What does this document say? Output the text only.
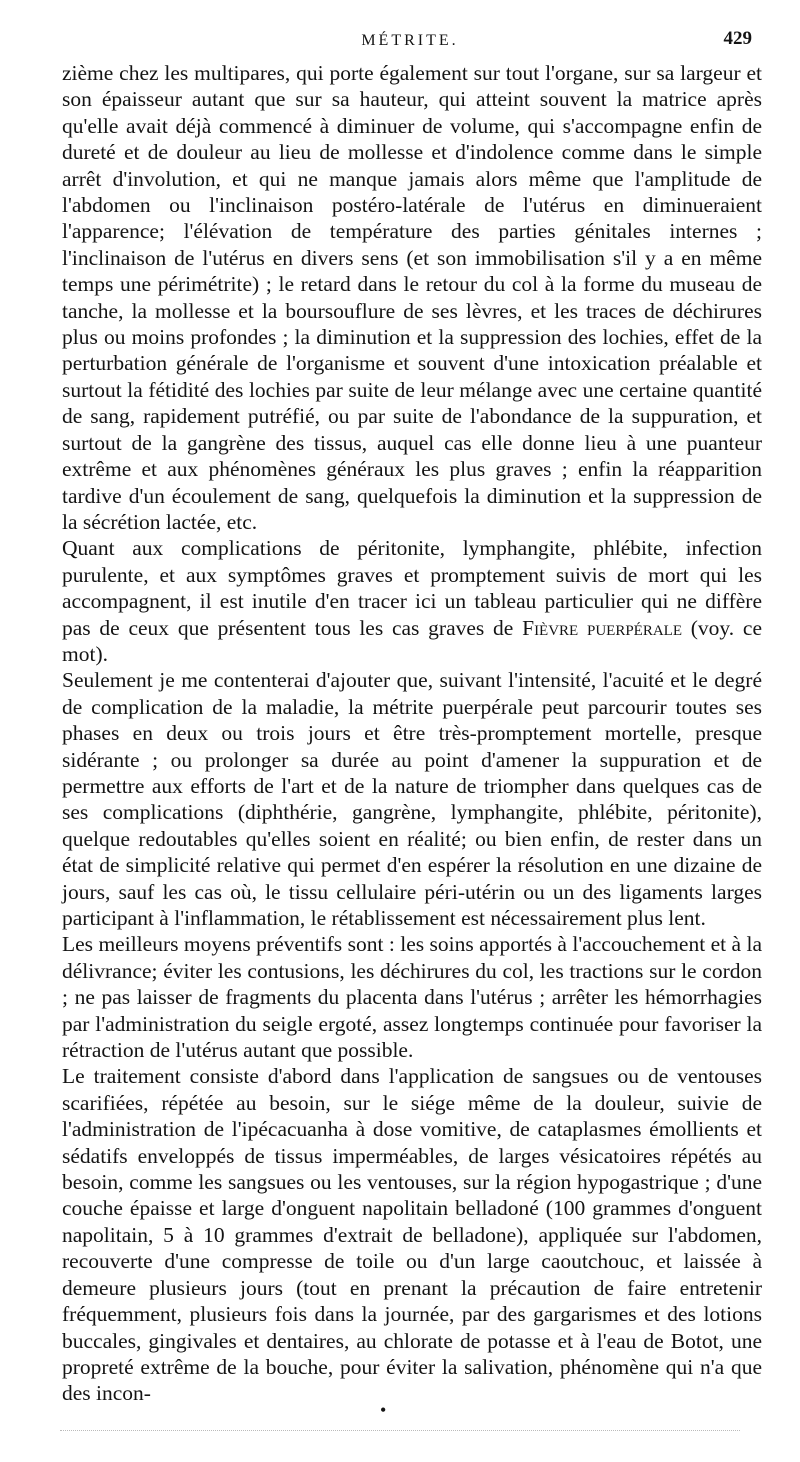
MÉTRITE.	429

zième chez les multipares, qui porte également sur tout l'organe, sur sa largeur et son épaisseur autant que sur sa hauteur, qui atteint souvent la matrice après qu'elle avait déjà commencé à diminuer de volume, qui s'accompagne enfin de dureté et de douleur au lieu de mollesse et d'indolence comme dans le simple arrêt d'involution, et qui ne manque jamais alors même que l'amplitude de l'abdomen ou l'inclinaison postéro-latérale de l'utérus en diminueraient l'apparence; l'élévation de température des parties génitales internes ; l'inclinaison de l'utérus en divers sens (et son immobilisation s'il y a en même temps une périmétrite) ; le retard dans le retour du col à la forme du museau de tanche, la mollesse et la boursouflure de ses lèvres, et les traces de déchirures plus ou moins profondes ; la diminution et la suppression des lochies, effet de la perturbation générale de l'organisme et souvent d'une intoxication préalable et surtout la fétidité des lochies par suite de leur mélange avec une certaine quantité de sang, rapidement putréfié, ou par suite de l'abondance de la suppuration, et surtout de la gangrène des tissus, auquel cas elle donne lieu à une puanteur extrême et aux phénomènes généraux les plus graves ; enfin la réapparition tardive d'un écoulement de sang, quelquefois la diminution et la suppression de la sécrétion lactée, etc.

Quant aux complications de péritonite, lymphangite, phlébite, infection purulente, et aux symptômes graves et promptement suivis de mort qui les accompagnent, il est inutile d'en tracer ici un tableau particulier qui ne diffère pas de ceux que présentent tous les cas graves de Fièvre puerpérale (voy. ce mot).

Seulement je me contenterai d'ajouter que, suivant l'intensité, l'acuité et le degré de complication de la maladie, la métrite puerpérale peut parcourir toutes ses phases en deux ou trois jours et être très-promptement mortelle, presque sidérante ; ou prolonger sa durée au point d'amener la suppuration et de permettre aux efforts de l'art et de la nature de triompher dans quelques cas de ses complications (diphthérie, gangrène, lymphangite, phlébite, péritonite), quelque redoutables qu'elles soient en réalité; ou bien enfin, de rester dans un état de simplicité relative qui permet d'en espérer la résolution en une dizaine de jours, sauf les cas où, le tissu cellulaire péri-utérin ou un des ligaments larges participant à l'inflammation, le rétablissement est nécessairement plus lent.

Les meilleurs moyens préventifs sont : les soins apportés à l'accouchement et à la délivrance; éviter les contusions, les déchirures du col, les tractions sur le cordon ; ne pas laisser de fragments du placenta dans l'utérus ; arrêter les hémorrhagies par l'administration du seigle ergoté, assez longtemps continuée pour favoriser la rétraction de l'utérus autant que possible.

Le traitement consiste d'abord dans l'application de sangsues ou de ventouses scarifiées, répétée au besoin, sur le siége même de la douleur, suivie de l'administration de l'ipécacuanha à dose vomitive, de cataplasmes émollients et sédatifs enveloppés de tissus imperméables, de larges vésicatoires répétés au besoin, comme les sangsues ou les ventouses, sur la région hypogastrique ; d'une couche épaisse et large d'onguent napolitain belladoné (100 grammes d'onguent napolitain, 5 à 10 grammes d'extrait de belladone), appliquée sur l'abdomen, recouverte d'une compresse de toile ou d'un large caoutchouc, et laissée à demeure plusieurs jours (tout en prenant la précaution de faire entretenir fréquemment, plusieurs fois dans la journée, par des gargarismes et des lotions buccales, gingivales et dentaires, au chlorate de potasse et à l'eau de Botot, une propreté extrême de la bouche, pour éviter la salivation, phénomène qui n'a que des incon-

•
